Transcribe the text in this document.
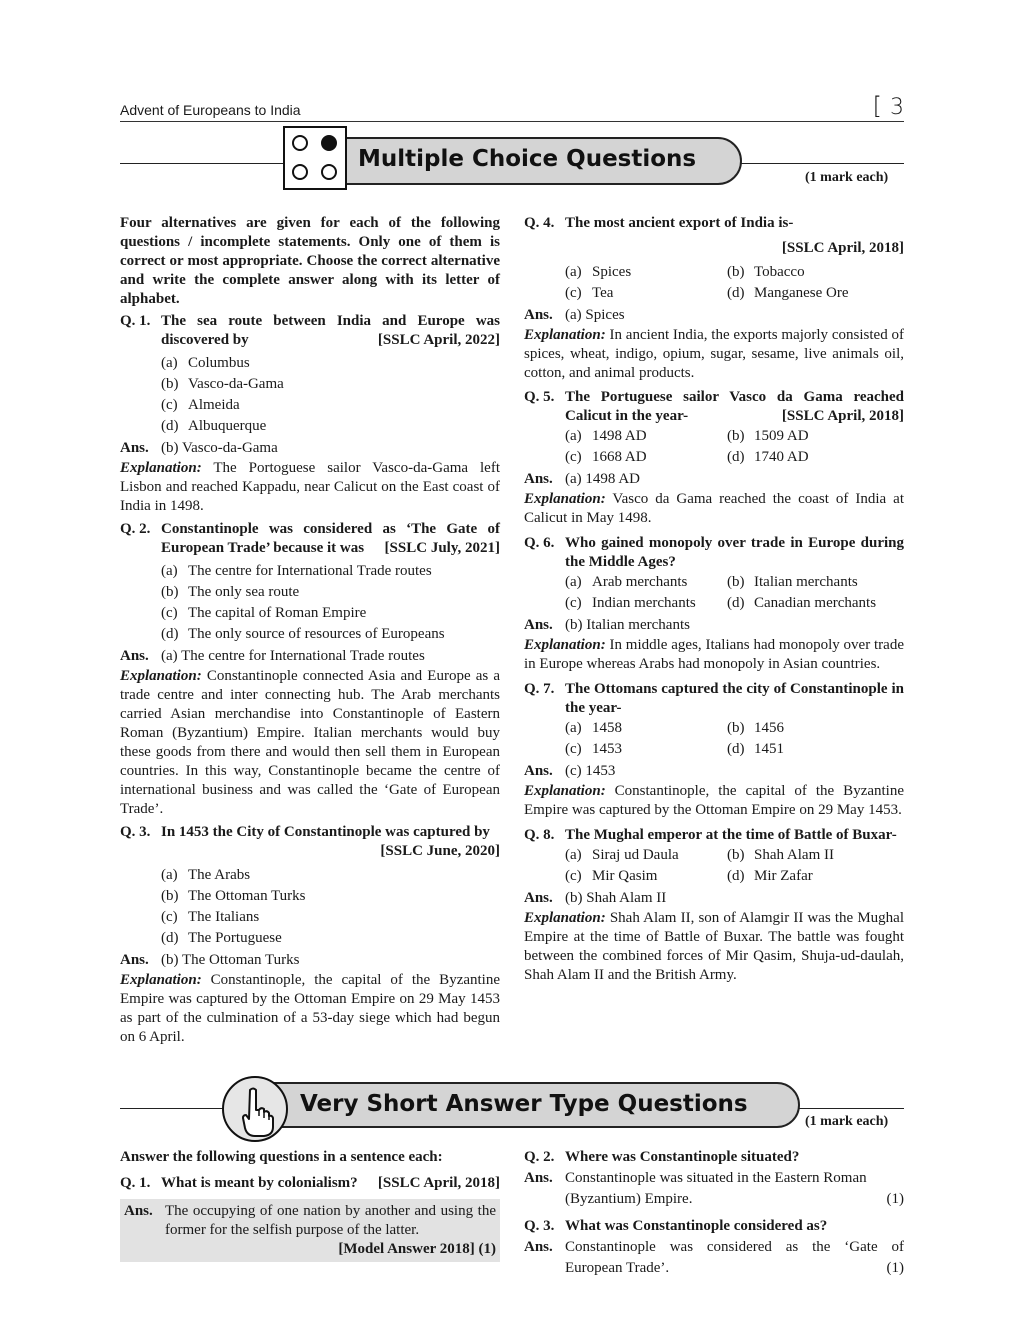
Advent of Europeans to India	[ 3
Multiple Choice Questions
(1 mark each)

Four alternatives are given for each of the following questions / incomplete statements. Only one of them is correct or most appropriate. Choose the correct alternative and write the complete answer along with its letter of alphabet.

Q. 1. The sea route between India and Europe was discovered by	[SSLC April, 2022]
(a) Columbus
(b) Vasco-da-Gama
(c) Almeida
(d) Albuquerque
Ans. (b) Vasco-da-Gama

Explanation: The Portoguese sailor Vasco-da-Gama left Lisbon and reached Kappadu, near Calicut on the East coast of India in 1498.

Q. 2. Constantinople was considered as ‘The Gate of European Trade’ because it was	[SSLC July, 2021]
(a) The centre for International Trade routes
(b) The only sea route
(c) The capital of Roman Empire
(d) The only source of resources of Europeans
Ans. (a) The centre for International Trade routes

Explanation: Constantinople connected Asia and Europe as a trade centre and inter connecting hub. The Arab merchants carried Asian merchandise into Constantinople of Eastern Roman (Byzantium) Empire. Italian merchants would buy these goods from there and would then sell them in European countries. In this way, Constantinople became the centre of international business and was called the ‘Gate of European Trade’.

Q. 3. In 1453 the City of Constantinople was captured by
[SSLC June, 2020]
(a) The Arabs
(b) The Ottoman Turks
(c) The Italians
(d) The Portuguese
Ans. (b) The Ottoman Turks

Explanation: Constantinople, the capital of the Byzantine Empire was captured by the Ottoman Empire on 29 May 1453 as part of the culmination of a 53-day siege which had begun on 6 April.

Q. 4. The most ancient export of India is-
[SSLC April, 2018]
(a) Spices	(b) Tobacco
(c) Tea	(d) Manganese Ore
Ans. (a) Spices

Explanation: In ancient India, the exports majorly consisted of spices, wheat, indigo, opium, sugar, sesame, live animals oil, cotton, and animal products.

Q. 5. The Portuguese sailor Vasco da Gama reached Calicut in the year-	[SSLC April, 2018]
(a) 1498 AD	(b) 1509 AD
(c) 1668 AD	(d) 1740 AD
Ans. (a) 1498 AD

Explanation: Vasco da Gama reached the coast of India at Calicut in May 1498.

Q. 6. Who gained monopoly over trade in Europe during the Middle Ages?
(a) Arab merchants	(b) Italian merchants
(c) Indian merchants (d) Canadian merchants
Ans. (b) Italian merchants

Explanation: In middle ages, Italians had monopoly over trade in Europe whereas Arabs had monopoly in Asian countries.

Q. 7. The Ottomans captured the city of Constantinople in the year-
(a) 1458	(b) 1456
(c) 1453	(d) 1451
Ans. (c) 1453

Explanation: Constantinople, the capital of the Byzantine Empire was captured by the Ottoman Empire on 29 May 1453.

Q. 8. The Mughal emperor at the time of Battle of Buxar-
(a) Siraj ud Daula	(b) Shah Alam II
(c) Mir Qasim	(d) Mir Zafar
Ans. (b) Shah Alam II

Explanation: Shah Alam II, son of Alamgir II was the Mughal Empire at the time of Battle of Buxar. The battle was fought between the combined forces of Mir Qasim, Shuja-ud-daulah, Shah Alam II and the British Army.

Very Short Answer Type Questions
(1 mark each)

Answer the following questions in a sentence each:

Q. 1. What is meant by colonialism?	[SSLC April, 2018]
Ans. The occupying of one nation by another and using the former for the selfish purpose of the latter.
[Model Answer 2018] (1)
Q. 2. Where was Constantinople situated?
Ans. Constantinople was situated in the Eastern Roman (Byzantium) Empire.	(1)
Q. 3. What was Constantinople considered as?
Ans. Constantinople was considered as the ‘Gate of European Trade’.	(1)
